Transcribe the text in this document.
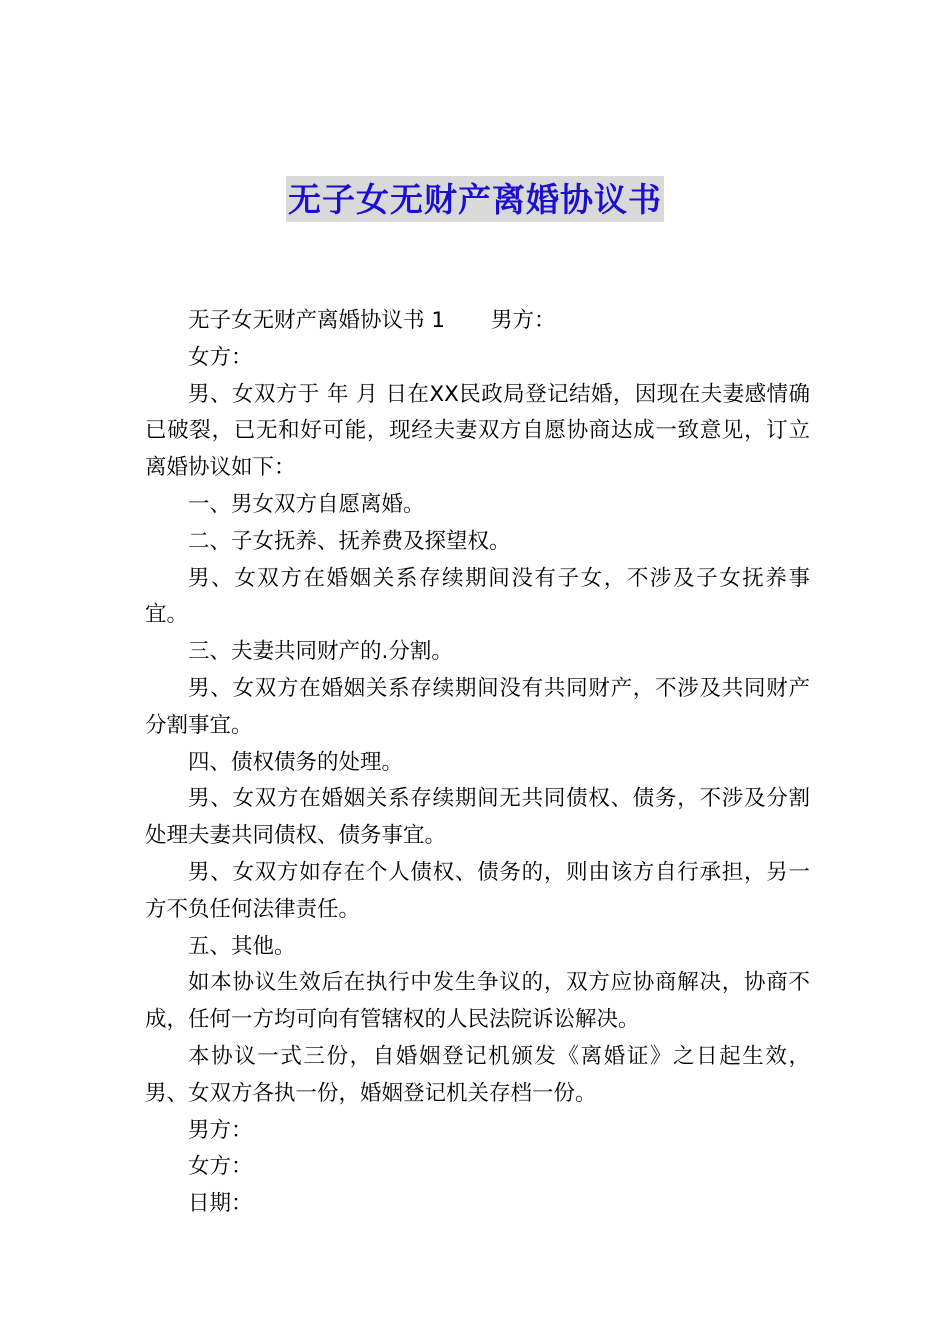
无子女无财产离婚协议书

无子女无财产离婚协议书 1 男方：

女方：

男、女双方于 年 月 日在XX民政局登记结婚，因现在夫妻感情确已破裂，已无和好可能，现经夫妻双方自愿协商达成一致意见，订立离婚协议如下：

一、男女双方自愿离婚。

二、子女抚养、抚养费及探望权。

男、女双方在婚姻关系存续期间没有子女，不涉及子女抚养事宜。

三、夫妻共同财产的.分割。

男、女双方在婚姻关系存续期间没有共同财产，不涉及共同财产分割事宜。

四、债权债务的处理。

男、女双方在婚姻关系存续期间无共同债权、债务，不涉及分割处理夫妻共同债权、债务事宜。

男、女双方如存在个人债权、债务的，则由该方自行承担，另一方不负任何法律责任。

五、其他。

如本协议生效后在执行中发生争议的，双方应协商解决，协商不成，任何一方均可向有管辖权的人民法院诉讼解决。

本协议一式三份，自婚姻登记机颁发《离婚证》之日起生效，男、女双方各执一份，婚姻登记机关存档一份。

男方：

女方：

日期：
